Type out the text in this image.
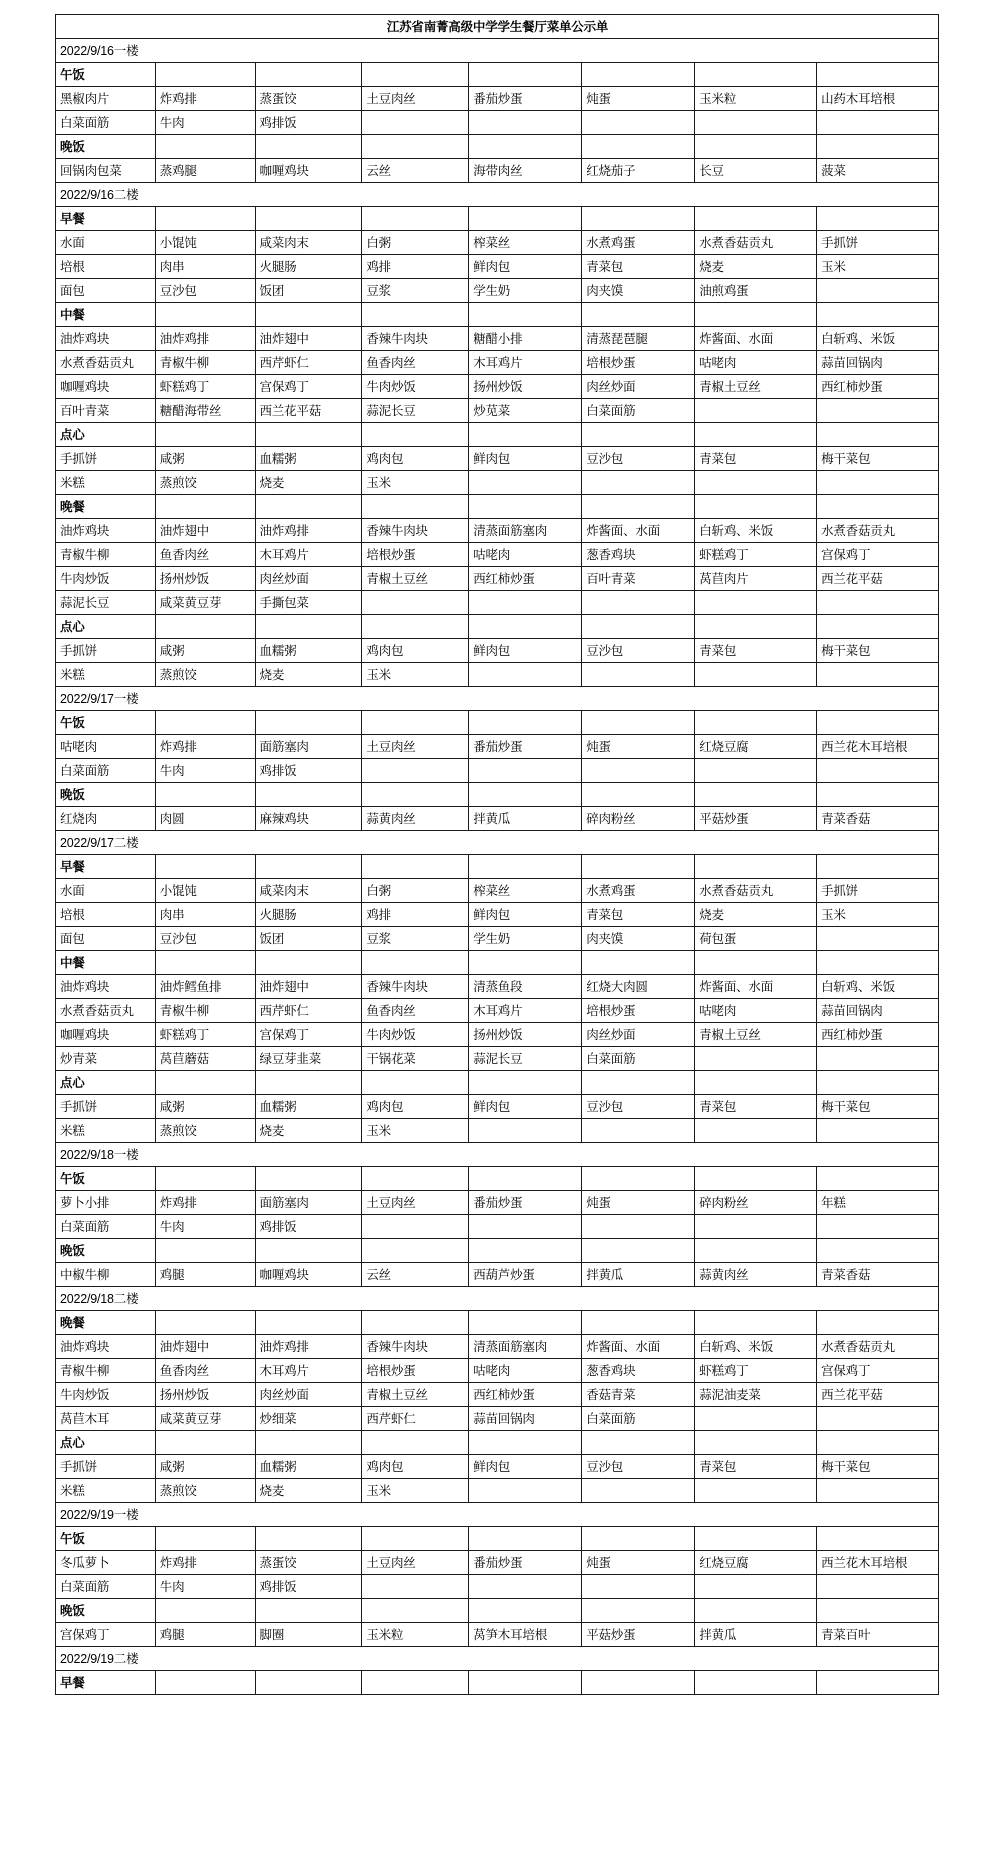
江苏省南菁高级中学学生餐厅菜单公示单							
2022/9/16一楼							
午饭							
黑椒肉片	炸鸡排	蒸蛋饺	土豆肉丝	番茄炒蛋	炖蛋	玉米粒	山药木耳培根
白菜面筋	牛肉	鸡排饭					
晚饭							
回锅肉包菜	蒸鸡腿	咖喱鸡块	云丝	海带肉丝	红烧茄子	长豆	菠菜
2022/9/16二楼							
早餐							
水面	小馄饨	咸菜肉末	白粥	榨菜丝	水煮鸡蛋	水煮香菇贡丸	手抓饼
培根	肉串	火腿肠	鸡排	鲜肉包	青菜包	烧麦	玉米
面包	豆沙包	饭团	豆浆	学生奶	肉夹馍	油煎鸡蛋	
中餐							
油炸鸡块	油炸鸡排	油炸翅中	香辣牛肉块	糖醋小排	清蒸琵琶腿	炸酱面、水面	白斩鸡、米饭
水煮香菇贡丸	青椒牛柳	西芹虾仁	鱼香肉丝	木耳鸡片	培根炒蛋	咕咾肉	蒜苗回锅肉
咖喱鸡块	虾糕鸡丁	宫保鸡丁	牛肉炒饭	扬州炒饭	肉丝炒面	青椒土豆丝	西红柿炒蛋
百叶青菜	糖醋海带丝	西兰花平菇	蒜泥长豆	炒苋菜	白菜面筋		
点心							
手抓饼	咸粥	血糯粥	鸡肉包	鲜肉包	豆沙包	青菜包	梅干菜包
米糕	蒸煎饺	烧麦	玉米				
晚餐							
油炸鸡块	油炸翅中	油炸鸡排	香辣牛肉块	清蒸面筋塞肉	炸酱面、水面	白斩鸡、米饭	水煮香菇贡丸
青椒牛柳	鱼香肉丝	木耳鸡片	培根炒蛋	咕咾肉	葱香鸡块	虾糕鸡丁	宫保鸡丁
牛肉炒饭	扬州炒饭	肉丝炒面	青椒土豆丝	西红柿炒蛋	百叶青菜	莴苣肉片	西兰花平菇
蒜泥长豆	咸菜黄豆芽	手撕包菜					
点心							
手抓饼	咸粥	血糯粥	鸡肉包	鲜肉包	豆沙包	青菜包	梅干菜包
米糕	蒸煎饺	烧麦	玉米				
2022/9/17一楼							
午饭							
咕咾肉	炸鸡排	面筋塞肉	土豆肉丝	番茄炒蛋	炖蛋	红烧豆腐	西兰花木耳培根
白菜面筋	牛肉	鸡排饭					
晚饭							
红烧肉	肉圆	麻辣鸡块	蒜黄肉丝	拌黄瓜	碎肉粉丝	平菇炒蛋	青菜香菇
2022/9/17二楼							
早餐							
水面	小馄饨	咸菜肉末	白粥	榨菜丝	水煮鸡蛋	水煮香菇贡丸	手抓饼
培根	肉串	火腿肠	鸡排	鲜肉包	青菜包	烧麦	玉米
面包	豆沙包	饭团	豆浆	学生奶	肉夹馍	荷包蛋	
中餐							
油炸鸡块	油炸鳕鱼排	油炸翅中	香辣牛肉块	清蒸鱼段	红烧大肉圆	炸酱面、水面	白斩鸡、米饭
水煮香菇贡丸	青椒牛柳	西芹虾仁	鱼香肉丝	木耳鸡片	培根炒蛋	咕咾肉	蒜苗回锅肉
咖喱鸡块	虾糕鸡丁	宫保鸡丁	牛肉炒饭	扬州炒饭	肉丝炒面	青椒土豆丝	西红柿炒蛋
炒青菜	莴苣蘑菇	绿豆芽韭菜	干锅花菜	蒜泥长豆	白菜面筋		
点心							
手抓饼	咸粥	血糯粥	鸡肉包	鲜肉包	豆沙包	青菜包	梅干菜包
米糕	蒸煎饺	烧麦	玉米				
2022/9/18一楼							
午饭							
萝卜小排	炸鸡排	面筋塞肉	土豆肉丝	番茄炒蛋	炖蛋	碎肉粉丝	年糕
白菜面筋	牛肉	鸡排饭					
晚饭							
中椒牛柳	鸡腿	咖喱鸡块	云丝	西葫芦炒蛋	拌黄瓜	蒜黄肉丝	青菜香菇
2022/9/18二楼							
晚餐							
油炸鸡块	油炸翅中	油炸鸡排	香辣牛肉块	清蒸面筋塞肉	炸酱面、水面	白斩鸡、米饭	水煮香菇贡丸
青椒牛柳	鱼香肉丝	木耳鸡片	培根炒蛋	咕咾肉	葱香鸡块	虾糕鸡丁	宫保鸡丁
牛肉炒饭	扬州炒饭	肉丝炒面	青椒土豆丝	西红柿炒蛋	香菇青菜	蒜泥油麦菜	西兰花平菇
莴苣木耳	咸菜黄豆芽	炒细菜	西芹虾仁	蒜苗回锅肉	白菜面筋		
点心							
手抓饼	咸粥	血糯粥	鸡肉包	鲜肉包	豆沙包	青菜包	梅干菜包
米糕	蒸煎饺	烧麦	玉米				
2022/9/19一楼							
午饭							
冬瓜萝卜	炸鸡排	蒸蛋饺	土豆肉丝	番茄炒蛋	炖蛋	红烧豆腐	西兰花木耳培根
白菜面筋	牛肉	鸡排饭					
晚饭							
宫保鸡丁	鸡腿	脚圈	玉米粒	莴笋木耳培根	平菇炒蛋	拌黄瓜	青菜百叶
2022/9/19二楼							
早餐							
